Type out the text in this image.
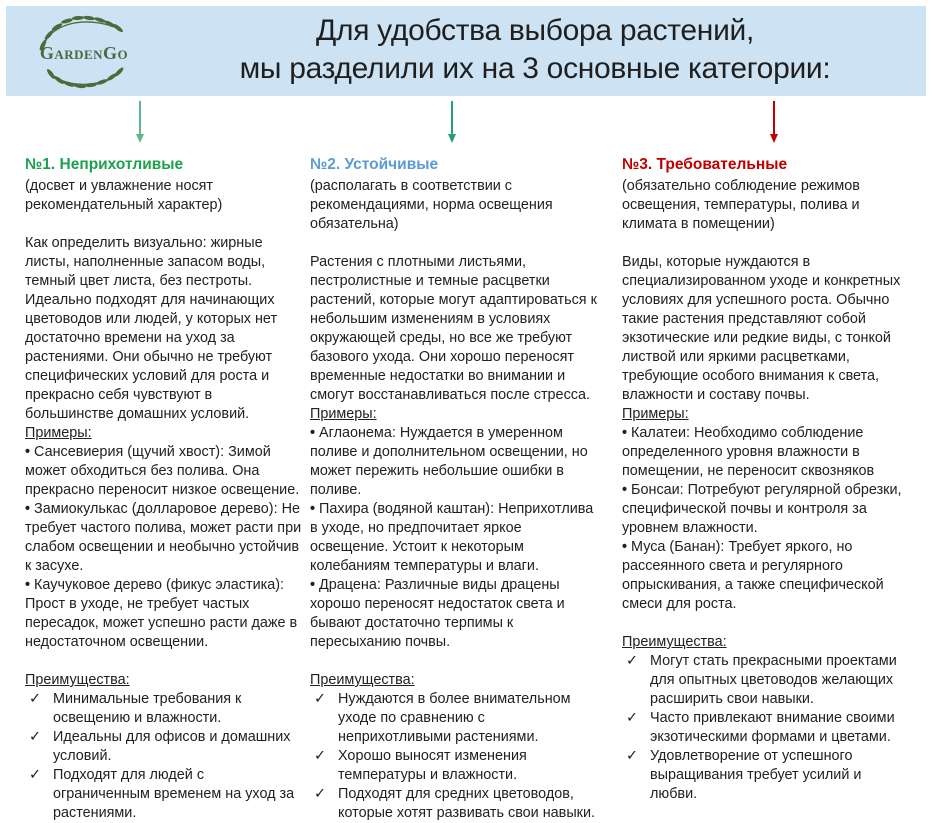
GardenGo
Для удобства выбора растений,
мы разделили их на 3 основные категории:
№1. Неприхотливые

(досвет и увлажнение носят рекомендательный характер)

Как определить визуально: жирные листы, наполненные запасом воды, темный цвет листа, без пестроты. Идеально подходят для начинающих цветоводов или людей, у которых нет достаточно времени на уход за растениями. Они обычно не требуют специфических условий для роста и прекрасно себя чувствуют в большинстве домашних условий.

Примеры:

• Сансевиерия (щучий хвост): Зимой может обходиться без полива. Она прекрасно переносит низкое освещение.
• Замиокулькас (долларовое дерево): Не требует частого полива, может расти при слабом освещении и необычно устойчив к засухе.
• Каучуковое дерево (фикус эластика): Прост в уходе, не требует частых пересадок, может успешно расти даже в недостаточном освещении.

Преимущества:

✓ Минимальные требования к освещению и влажности.
✓ Идеальны для офисов и домашних условий.
✓ Подходят для людей с ограниченным временем на уход за растениями.
№2. Устойчивые

(располагать в соответствии с рекомендациями, норма освещения обязательна)

Растения с плотными листьями, пестролистные и темные расцветки растений, которые могут адаптироваться к небольшим изменениям в условиях окружающей среды, но все же требуют базового ухода. Они хорошо переносят временные недостатки во внимании и смогут восстанавливаться после стресса.

Примеры:

• Аглаонема: Нуждается в умеренном поливе и дополнительном освещении, но может пережить небольшие ошибки в поливе.
• Пахира (водяной каштан): Неприхотлива в уходе, но предпочитает яркое освещение. Устоит к некоторым колебаниям температуры и влаги.
• Драцена: Различные виды драцены хорошо переносят недостаток света и бывают достаточно терпимы к пересыханию почвы.

Преимущества:

✓ Нуждаются в более внимательном уходе по сравнению с неприхотливыми растениями.
✓ Хорошо выносят изменения температуры и влажности.
✓ Подходят для средних цветоводов, которые хотят развивать свои навыки.
№3. Требовательные

(обязательно соблюдение режимов освещения, температуры, полива и климата в помещении)

Виды, которые нуждаются в специализированном уходе и конкретных условиях для успешного роста. Обычно такие растения представляют собой экзотические или редкие виды, с тонкой листвой или яркими расцветками, требующие особого внимания к света, влажности и составу почвы.

Примеры:

• Калатеи: Необходимо соблюдение определенного уровня влажности в помещении, не переносит сквозняков
• Бонсаи: Потребуют регулярной обрезки, специфической почвы и контроля за уровнем влажности.
• Муса (Банан): Требует яркого, но рассеянного света и регулярного опрыскивания, а также специфической смеси для роста.

Преимущества:

✓ Могут стать прекрасными проектами для опытных цветоводов желающих расширить свои навыки.
✓ Часто привлекают внимание своими экзотическими формами и цветами.
✓ Удовлетворение от успешного выращивания требует усилий и любви.
